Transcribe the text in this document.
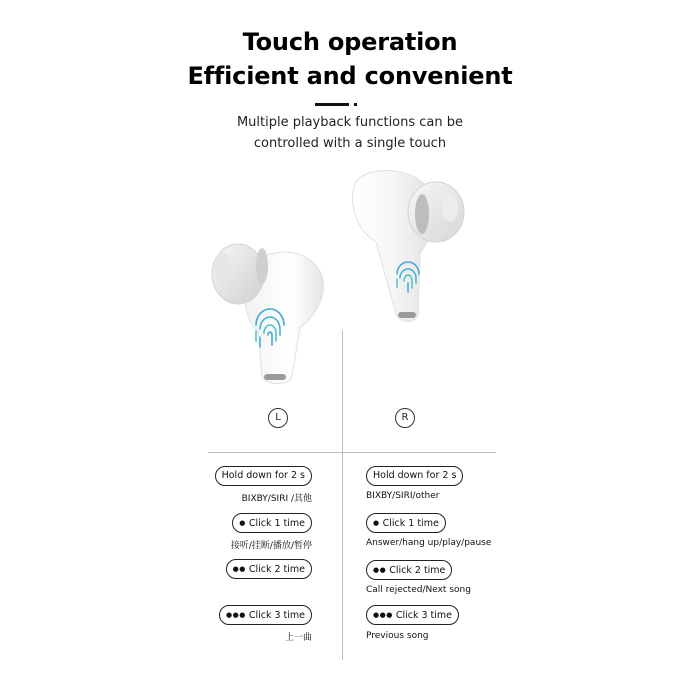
Touch operation
Efficient and convenient
Multiple playback functions can be
controlled with a single touch
L	R
Hold down for 2 s
BIXBY/SIRI /其他
● Click 1 time
接听/挂断/播放/暂停
●● Click 2 time
●●● Click 3 time
上一曲
Hold down for 2 s
BIXBY/SIRI/other
● Click 1 time
Answer/hang up/play/pause
●● Click 2 time
Call rejected/Next song
●●● Click 3 time
Previous song
